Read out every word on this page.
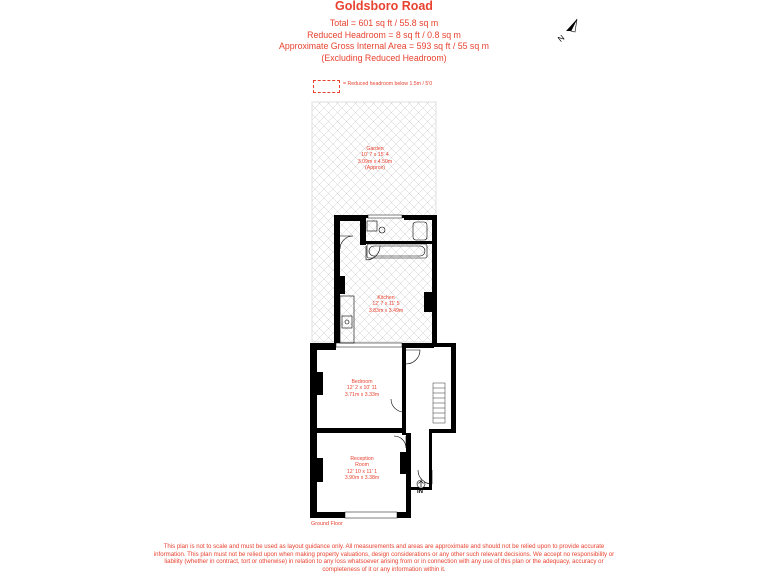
Goldsboro Road
Total = 601 sq ft / 55.8 sq m
Reduced Headroom = 8 sq ft / 0.8 sq m
Approximate Gross Internal Area = 593 sq ft / 55 sq m
(Excluding Reduced Headroom)
= Reduced headroom below 1.5m / 5'0
N
Garden
10' 7 x 15' 4
3.09m x 4.50m
(Approx)
Kitchen
12' 7 x 11' 5
3.83m x 3.49m
Bedroom
12' 2 x 10' 11
3.71m x 3.33m
Reception
Room
12' 10 x 11' 1
3.90m x 3.38m
IN
Ground Floor
This plan is not to scale and must be used as layout guidance only. All measurements and areas are approximate and should not be relied upon to provide accurate information. This plan must not be relied upon when making property valuations, design considerations or any other such relevant decisions. We accept no responsibility or liability (whether in contract, tort or otherwise) in relation to any loss whatsoever arising from or in connection with any use of this plan or the adequacy, accuracy or completeness of it or any information within it.
